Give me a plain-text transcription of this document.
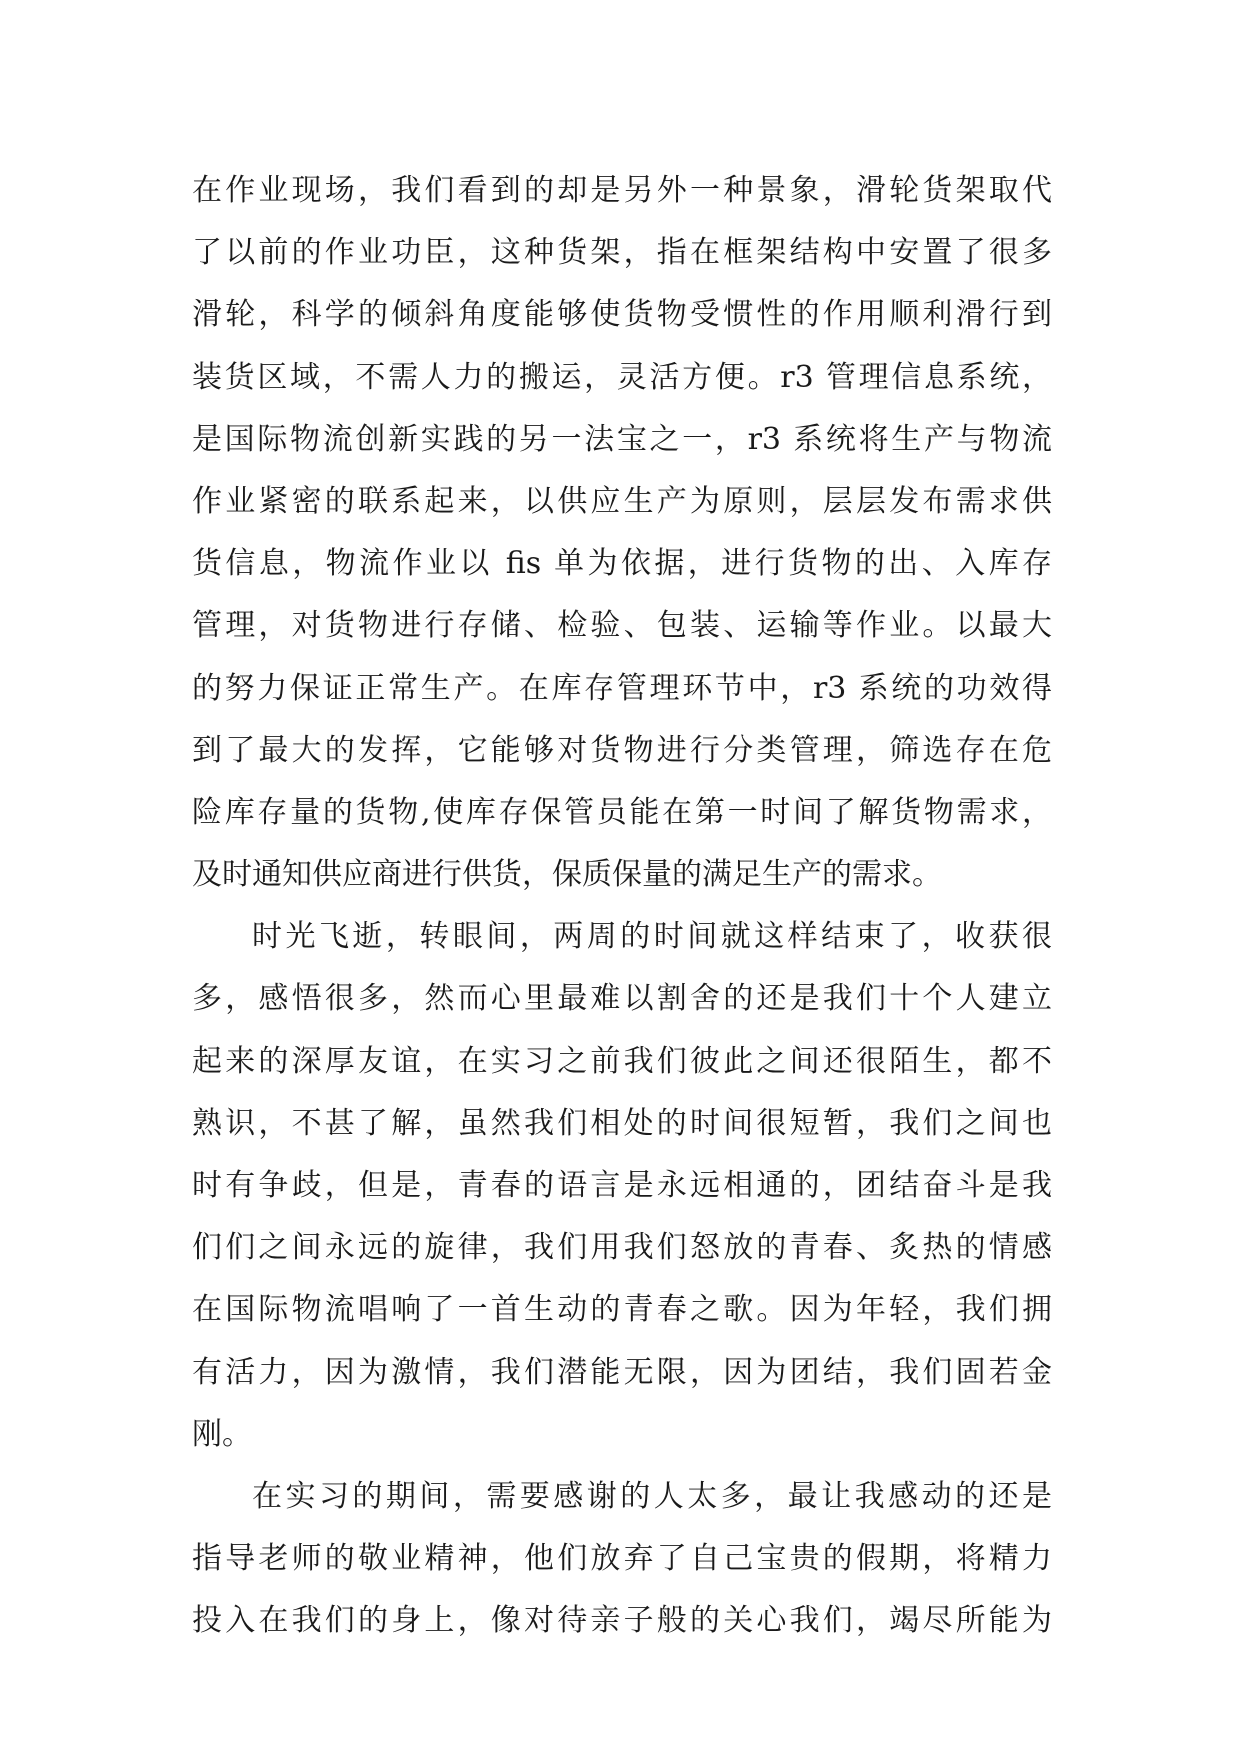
在作业现场，我们看到的却是另外一种景象，滑轮货架取代
了以前的作业功臣，这种货架，指在框架结构中安置了很多
滑轮，科学的倾斜角度能够使货物受惯性的作用顺利滑行到
装货区域，不需人力的搬运，灵活方便。r3 管理信息系统，
是国际物流创新实践的另一法宝之一，r3 系统将生产与物流
作业紧密的联系起来，以供应生产为原则，层层发布需求供
货信息，物流作业以 fis 单为依据，进行货物的出、入库存
管理，对货物进行存储、检验、包装、运输等作业。以最大
的努力保证正常生产。在库存管理环节中，r3 系统的功效得
到了最大的发挥，它能够对货物进行分类管理，筛选存在危
险库存量的货物,使库存保管员能在第一时间了解货物需求，
及时通知供应商进行供货，保质保量的满足生产的需求。
时光飞逝，转眼间，两周的时间就这样结束了，收获很
多，感悟很多，然而心里最难以割舍的还是我们十个人建立
起来的深厚友谊，在实习之前我们彼此之间还很陌生，都不
熟识，不甚了解，虽然我们相处的时间很短暂，我们之间也
时有争歧，但是，青春的语言是永远相通的，团结奋斗是我
们们之间永远的旋律，我们用我们怒放的青春、炙热的情感
在国际物流唱响了一首生动的青春之歌。因为年轻，我们拥
有活力，因为激情，我们潜能无限，因为团结，我们固若金
刚。
在实习的期间，需要感谢的人太多，最让我感动的还是
指导老师的敬业精神，他们放弃了自己宝贵的假期，将精力
投入在我们的身上，像对待亲子般的关心我们，竭尽所能为
